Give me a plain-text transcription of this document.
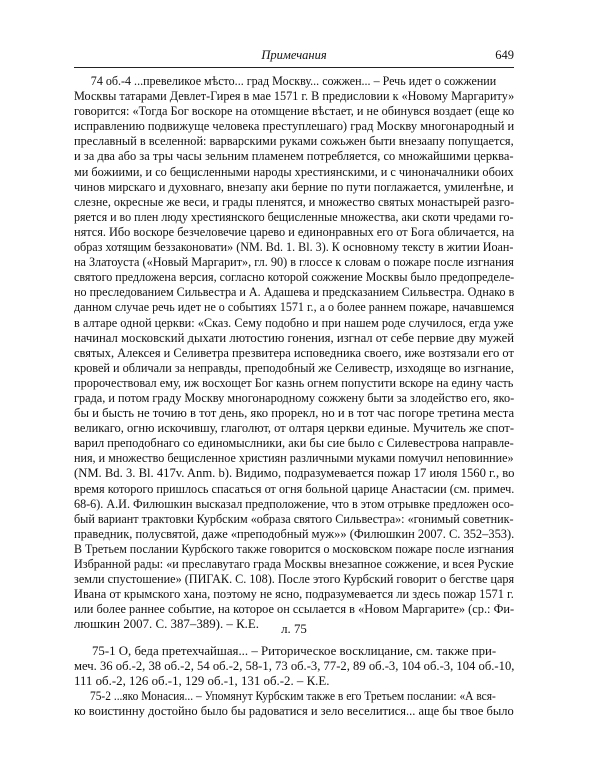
Примечания	649
74 об.-4 ...превеликое мѣсто... град Москву... сожжен... – Речь идет о сожжении
Москвы татарами Девлет-Гирея в мае 1571 г. В предисловии к «Новому Маргариту»
говорится: «Тогда Бог воскоре на отомщение вѣстает, и не обинувся воздает (еще ко
исправлению подвижуще человека преступлешаго) град Москву многонародный и
преславный в вселенной: варварскими руками сожьжен быти внезаапу попущается,
и за два або за тры часы зельним пламенем потребляется, со множайшими церква-
ми божиими, и со бещисленными народы хрестиянскими, и с чиноначалники обоих
чинов мирскаго и духовнаго, внезапу аки берние по пути поглажается, умиленѣне, и
слезне, окресные же веси, и грады пленятся, и множество святых монастырей разго-
ряется и во плен люду хрестиянского бещисленные множества, аки скоти чредами го-
нятся. Ибо воскоре безчеловечие царево и единонравных его от Бога обличается, на
образ хотящим беззаконовати» (NM. Bd. 1. Bl. 3). К основному тексту в житии Иоан-
на Златоуста («Новый Маргарит», гл. 90) в глоссе к словам о пожаре после изгнания
святого предложена версия, согласно которой сожжение Москвы было предопределе-
но преследованием Сильвестра и А. Адашева и предсказанием Сильвестра. Однако в
данном случае речь идет не о событиях 1571 г., а о более раннем пожаре, начавшемся
в алтаре одной церкви: «Сказ. Сему подобно и при нашем роде случилося, егда уже
начинал московский дыхати лютостию гонения, изгнал от себе первие дву мужей
святых, Алексея и Селиветра презвитера исповедника своего, иже возтязали его от
кровей и обличали за неправды, преподобный же Селивестр, изходяще во изгнание,
пророчествовал ему, иж восхощет Бог казнь огнем попустити вскоре на едину часть
града, и потом граду Москву многонародному сожжену быти за злодейство его, яко-
бы и бысть не точию в тот день, яко прорекл, но и в тот час погоре третина места
великаго, огню искочившу, глаголют, от олтаря церкви единые. Мучитель же спот-
варил преподобнаго со единомыслники, аки бы сие было с Силевестрова направле-
ния, и множество бещисленное християн различными муками помучил неповинние»
(NM. Bd. 3. Bl. 417v. Anm. b). Видимо, подразумевается пожар 17 июля 1560 г., во
время которого пришлось спасаться от огня больной царице Анастасии (см. примеч.
68-6). А.И. Филюшкин высказал предположение, что в этом отрывке предложен осо-
бый вариант трактовки Курбским «образа святого Сильвестра»: «гонимый советник-
праведник, полусвятой, даже «преподобный муж»» (Филюшкин 2007. С. 352–353).
В Третьем послании Курбского также говорится о московском пожаре после изгнания
Избранной рады: «и преславутаго града Москвы внезапное сожжение, и всея Руские
земли спустошение» (ПИГАК. С. 108). После этого Курбский говорит о бегстве царя
Ивана от крымского хана, поэтому не ясно, подразумевается ли здесь пожар 1571 г.
или более раннее событие, на которое он ссылается в «Новом Маргарите» (ср.: Фи-
люшкин 2007. С. 387–389). – К.Е.	л. 75
75-1 О, беда претехчайшая... – Риторическое восклицание, см. также при-
меч. 36 об.-2, 38 об.-2, 54 об.-2, 58-1, 73 об.-3, 77-2, 89 об.-3, 104 об.-3, 104 об.-10,
111 об.-2, 126 об.-1, 129 об.-1, 131 об.-2. – К.Е.
75-2 ...яко Монасия... – Упомянут Курбским также в его Третьем послании: «А вся-
ко воистинну достойно было бы радоватися и зело веселитися... аще бы твое было
